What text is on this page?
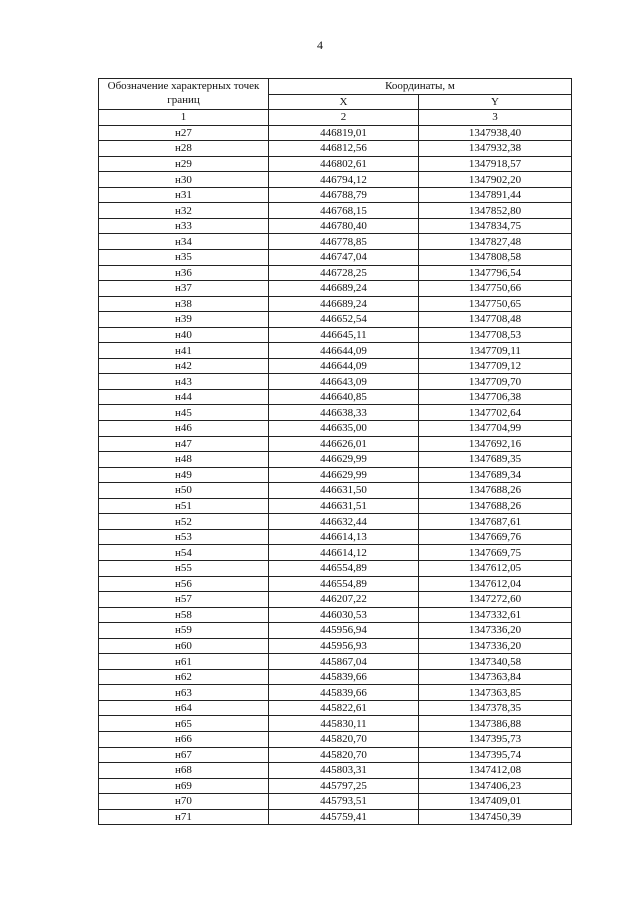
4
Обозначение характерных точек границ	Координаты, м	
	X	Y
1	2	3
н27	446819,01	1347938,40
н28	446812,56	1347932,38
н29	446802,61	1347918,57
н30	446794,12	1347902,20
н31	446788,79	1347891,44
н32	446768,15	1347852,80
н33	446780,40	1347834,75
н34	446778,85	1347827,48
н35	446747,04	1347808,58
н36	446728,25	1347796,54
н37	446689,24	1347750,66
н38	446689,24	1347750,65
н39	446652,54	1347708,48
н40	446645,11	1347708,53
н41	446644,09	1347709,11
н42	446644,09	1347709,12
н43	446643,09	1347709,70
н44	446640,85	1347706,38
н45	446638,33	1347702,64
н46	446635,00	1347704,99
н47	446626,01	1347692,16
н48	446629,99	1347689,35
н49	446629,99	1347689,34
н50	446631,50	1347688,26
н51	446631,51	1347688,26
н52	446632,44	1347687,61
н53	446614,13	1347669,76
н54	446614,12	1347669,75
н55	446554,89	1347612,05
н56	446554,89	1347612,04
н57	446207,22	1347272,60
н58	446030,53	1347332,61
н59	445956,94	1347336,20
н60	445956,93	1347336,20
н61	445867,04	1347340,58
н62	445839,66	1347363,84
н63	445839,66	1347363,85
н64	445822,61	1347378,35
н65	445830,11	1347386,88
н66	445820,70	1347395,73
н67	445820,70	1347395,74
н68	445803,31	1347412,08
н69	445797,25	1347406,23
н70	445793,51	1347409,01
н71	445759,41	1347450,39
